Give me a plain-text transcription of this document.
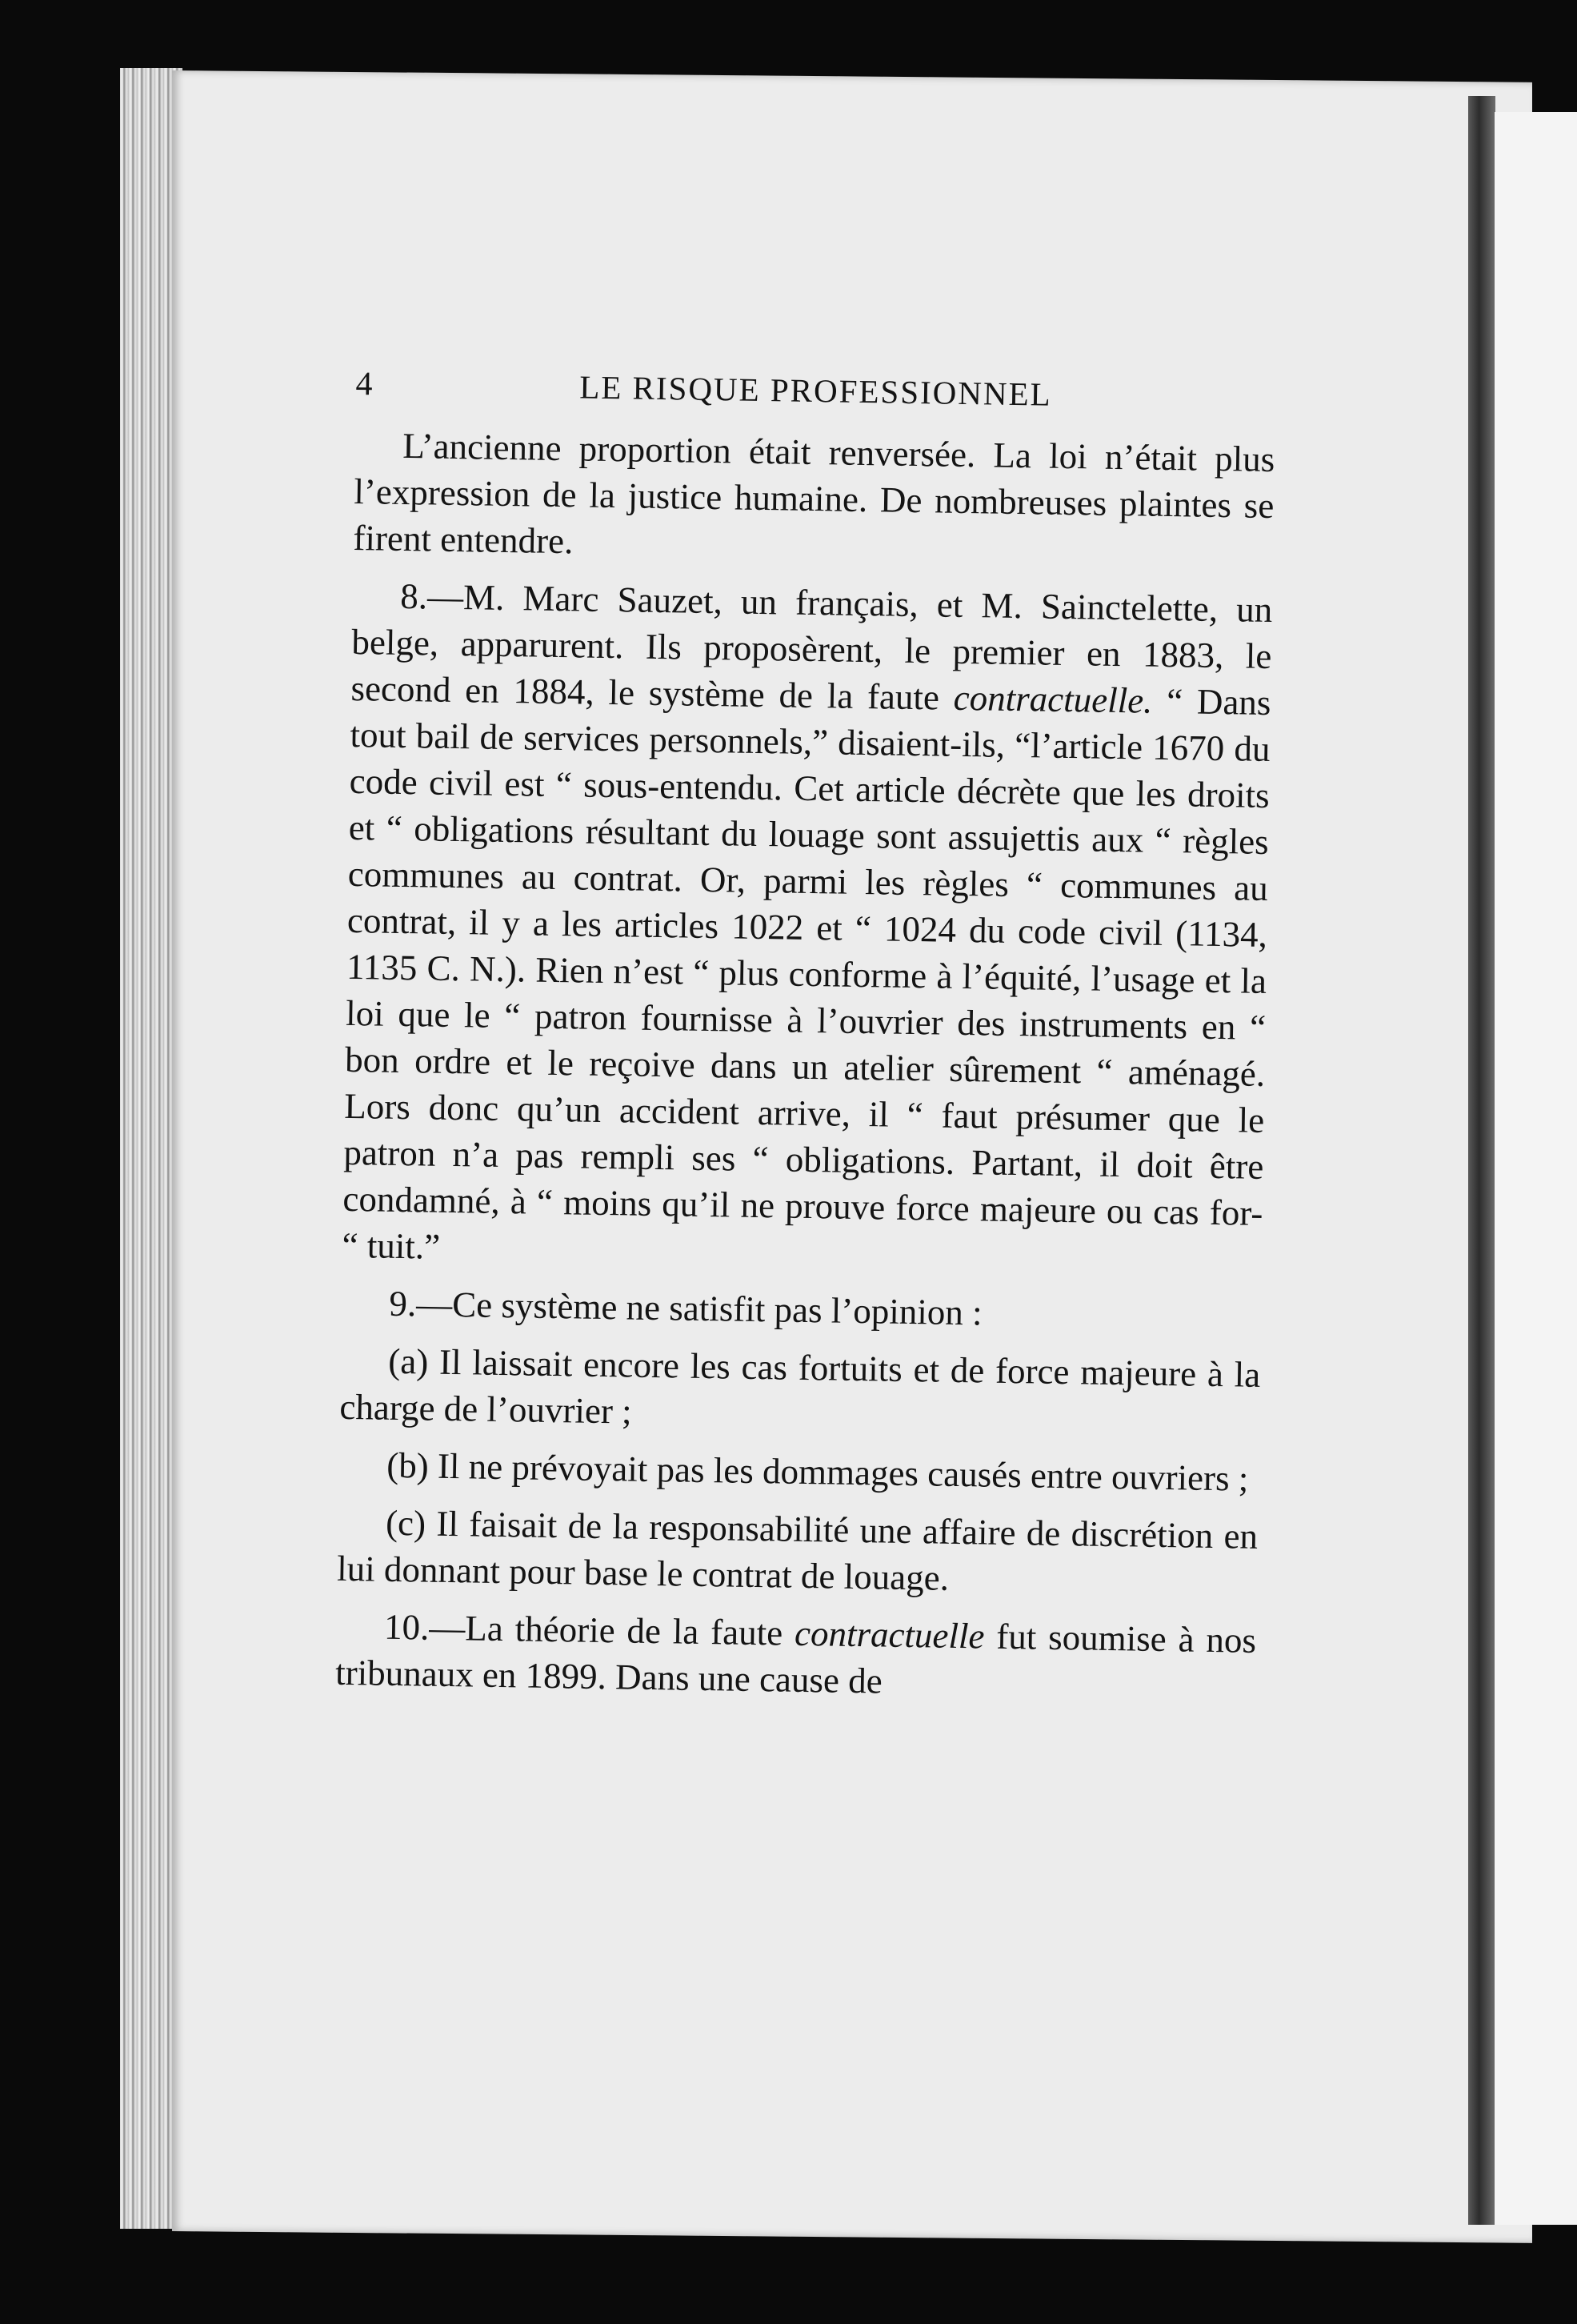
4	LE RISQUE PROFESSIONNEL

L’ancienne proportion était renversée. La loi n’était plus l’expression de la justice humaine. De nombreuses plaintes se firent entendre.

8.—M. Marc Sauzet, un français, et M. Sainctelette, un belge, apparurent. Ils proposèrent, le premier en 1883, le second en 1884, le système de la faute contractuelle. “ Dans tout bail de services personnels,” disaient-ils, “l’article 1670 du code civil est “ sous-entendu. Cet article décrète que les droits et “ obligations résultant du louage sont assujettis aux “ règles communes au contrat. Or, parmi les règles “ communes au contrat, il y a les articles 1022 et “ 1024 du code civil (1134, 1135 C. N.). Rien n’est “ plus conforme à l’équité, l’usage et la loi que le “ patron fournisse à l’ouvrier des instruments en “ bon ordre et le reçoive dans un atelier sûrement “ aménagé. Lors donc qu’un accident arrive, il “ faut présumer que le patron n’a pas rempli ses “ obligations. Partant, il doit être condamné, à “ moins qu’il ne prouve force majeure ou cas for- “ tuit.”

9.—Ce système ne satisfit pas l’opinion :

(a) Il laissait encore les cas fortuits et de force majeure à la charge de l’ouvrier ;

(b) Il ne prévoyait pas les dommages causés entre ouvriers ;

(c) Il faisait de la responsabilité une affaire de discrétion en lui donnant pour base le contrat de louage.

10.—La théorie de la faute contractuelle fut soumise à nos tribunaux en 1899. Dans une cause de
